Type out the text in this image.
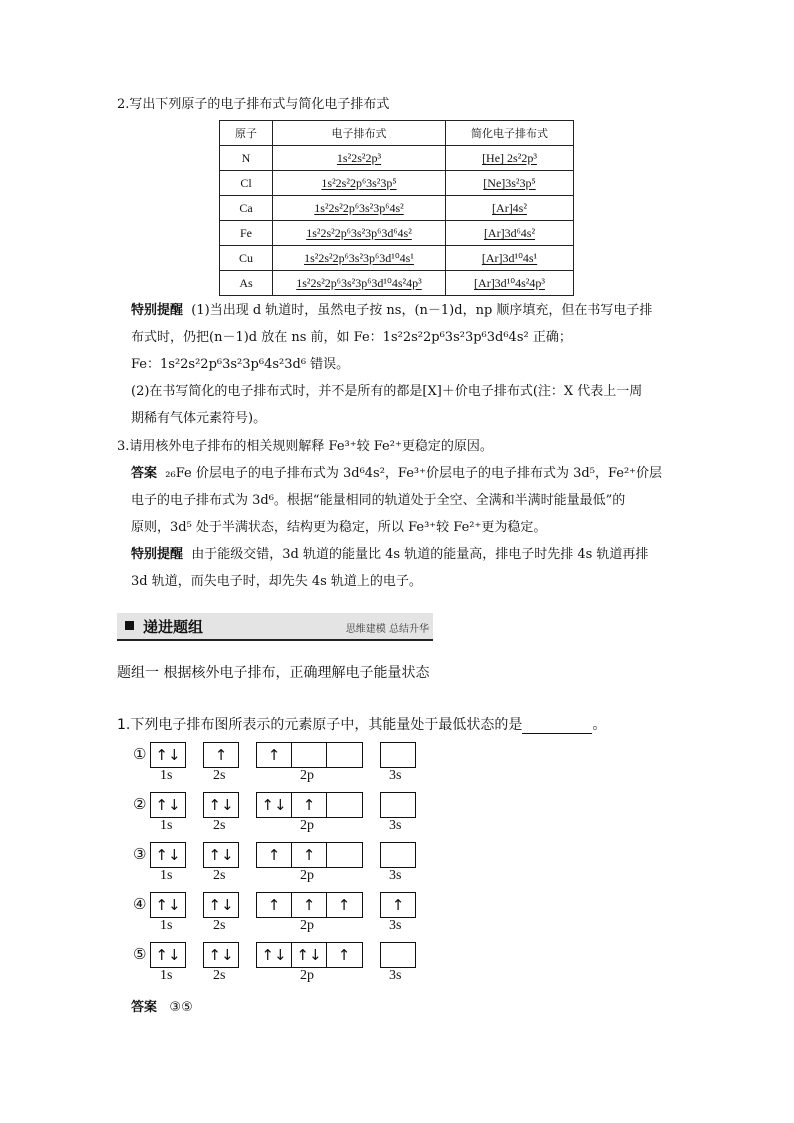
2.写出下列原子的电子排布式与简化电子排布式
原子	电子排布式	简化电子排布式
N	1s²2s²2p³	[He] 2s²2p³
Cl	1s²2s²2p⁶3s²3p⁵	[Ne]3s²3p⁵
Ca	1s²2s²2p⁶3s²3p⁶4s²	[Ar]4s²
Fe	1s²2s²2p⁶3s²3p⁶3d⁶4s²	[Ar]3d⁶4s²
Cu	1s²2s²2p⁶3s²3p⁶3d¹⁰4s¹	[Ar]3d¹⁰4s¹
As	1s²2s²2p⁶3s²3p⁶3d¹⁰4s²4p³	[Ar]3d¹⁰4s²4p³
特别提醒 (1)当出现 d 轨道时，虽然电子按 ns，(n－1)d，np 顺序填充，但在书写电子排
布式时，仍把(n－1)d 放在 ns 前，如 Fe：1s²2s²2p⁶3s²3p⁶3d⁶4s² 正确；
Fe：1s²2s²2p⁶3s²3p⁶4s²3d⁶ 错误。
(2)在书写简化的电子排布式时，并不是所有的都是[X]＋价电子排布式(注：X 代表上一周
期稀有气体元素符号)。
3.请用核外电子排布的相关规则解释 Fe³⁺较 Fe²⁺更稳定的原因。
答案 ₂₆Fe 价层电子的电子排布式为 3d⁶4s²，Fe³⁺价层电子的电子排布式为 3d⁵，Fe²⁺价层
电子的电子排布式为 3d⁶。根据“能量相同的轨道处于全空、全满和半满时能量最低”的
原则，3d⁵ 处于半满状态，结构更为稳定，所以 Fe³⁺较 Fe²⁺更为稳定。
特别提醒 由于能级交错，3d 轨道的能量比 4s 轨道的能量高，排电子时先排 4s 轨道再排
3d 轨道，而失电子时，却先失 4s 轨道上的电子。
递进题组	思维建模 总结升华
题组一 根据核外电子排布，正确理解电子能量状态
1.下列电子排布图所表示的元素原子中，其能量处于最低状态的是	。
① ↑↓	↑	↑
1s	2s	2p	3s
② ↑↓ ↑↓ ↑↓	↑
1s	2s	2p	3s
③ ↑↓ ↑↓	↑	↑
1s	2s	2p	3s
④ ↑↓ ↑↓	↑	↑	↑	↑
1s	2s	2p	3s
⑤ ↑↓ ↑↓ ↑↓ ↑↓	↑
1s	2s	2p	3s
答案 ③⑤
